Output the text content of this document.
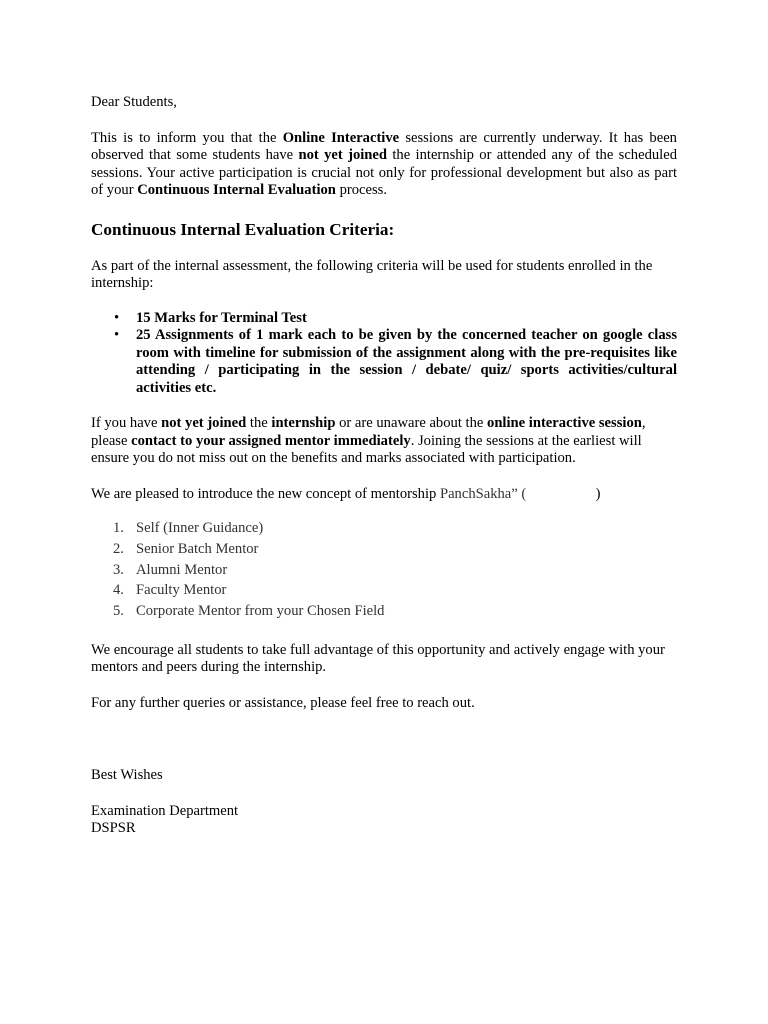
Dear Students,

This is to inform you that the Online Interactive sessions are currently underway. It has been observed that some students have not yet joined the internship or attended any of the scheduled sessions. Your active participation is crucial not only for professional development but also as part of your Continuous Internal Evaluation process.

Continuous Internal Evaluation Criteria:

As part of the internal assessment, the following criteria will be used for students enrolled in the internship:

• 15 Marks for Terminal Test
• 25 Assignments of 1 mark each to be given by the concerned teacher on google class room with timeline for submission of the assignment along with the pre-requisites like attending / participating in the session / debate/ quiz/ sports activities/cultural activities etc.

If you have not yet joined the internship or are unaware about the online interactive session, please contact to your assigned mentor immediately. Joining the sessions at the earliest will ensure you do not miss out on the benefits and marks associated with participation.

We are pleased to introduce the new concept of mentorship PanchSakha” (                   )

1. Self (Inner Guidance)
2. Senior Batch Mentor
3. Alumni Mentor
4. Faculty Mentor
5. Corporate Mentor from your Chosen Field

We encourage all students to take full advantage of this opportunity and actively engage with your mentors and peers during the internship.

For any further queries or assistance, please feel free to reach out.

Best Wishes

Examination Department

DSPSR
